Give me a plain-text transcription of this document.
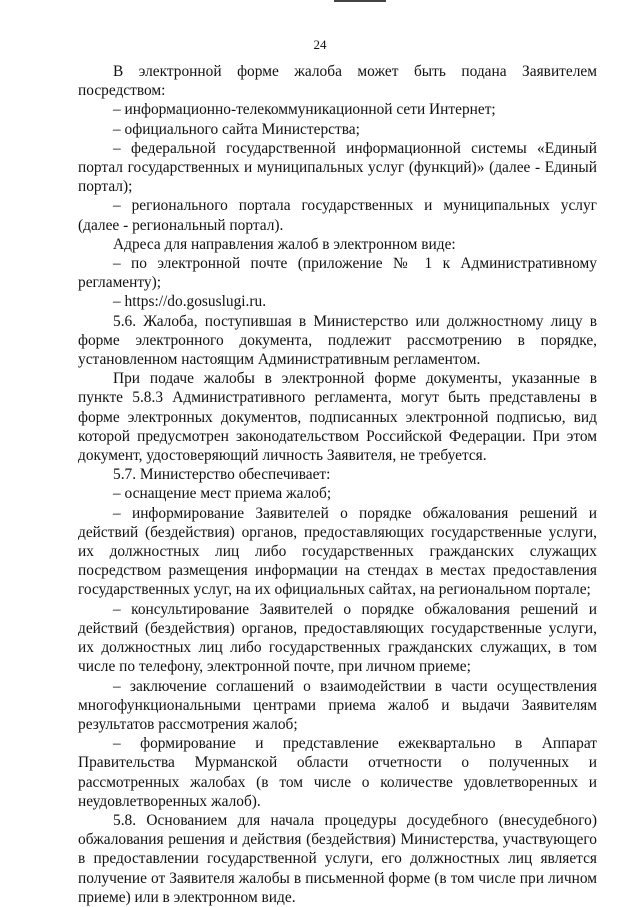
24

В электронной форме жалоба может быть подана Заявителем посредством:

– информационно-телекоммуникационной сети Интернет;

– официального сайта Министерства;

– федеральной государственной информационной системы «Единый портал государственных и муниципальных услуг (функций)» (далее - Единый портал);

– регионального портала государственных и муниципальных услуг (далее - региональный портал).

Адреса для направления жалоб в электронном виде:

– по электронной почте (приложение № 1 к Административному регламенту);

– https://do.gosuslugi.ru.

5.6. Жалоба, поступившая в Министерство или должностному лицу в форме электронного документа, подлежит рассмотрению в порядке, установленном настоящим Административным регламентом.

При подаче жалобы в электронной форме документы, указанные в пункте 5.8.3 Административного регламента, могут быть представлены в форме электронных документов, подписанных электронной подписью, вид которой предусмотрен законодательством Российской Федерации. При этом документ, удостоверяющий личность Заявителя, не требуется.

5.7. Министерство обеспечивает:

– оснащение мест приема жалоб;

– информирование Заявителей о порядке обжалования решений и действий (бездействия) органов, предоставляющих государственные услуги, их должностных лиц либо государственных гражданских служащих посредством размещения информации на стендах в местах предоставления государственных услуг, на их официальных сайтах, на региональном портале;

– консультирование Заявителей о порядке обжалования решений и действий (бездействия) органов, предоставляющих государственные услуги, их должностных лиц либо государственных гражданских служащих, в том числе по телефону, электронной почте, при личном приеме;

– заключение соглашений о взаимодействии в части осуществления многофункциональными центрами приема жалоб и выдачи Заявителям результатов рассмотрения жалоб;

– формирование и представление ежеквартально в Аппарат Правительства Мурманской области отчетности о полученных и рассмотренных жалобах (в том числе о количестве удовлетворенных и неудовлетворенных жалоб).

5.8. Основанием для начала процедуры досудебного (внесудебного) обжалования решения и действия (бездействия) Министерства, участвующего в предоставлении государственной услуги, его должностных лиц является получение от Заявителя жалобы в письменной форме (в том числе при личном приеме) или в электронном виде.
